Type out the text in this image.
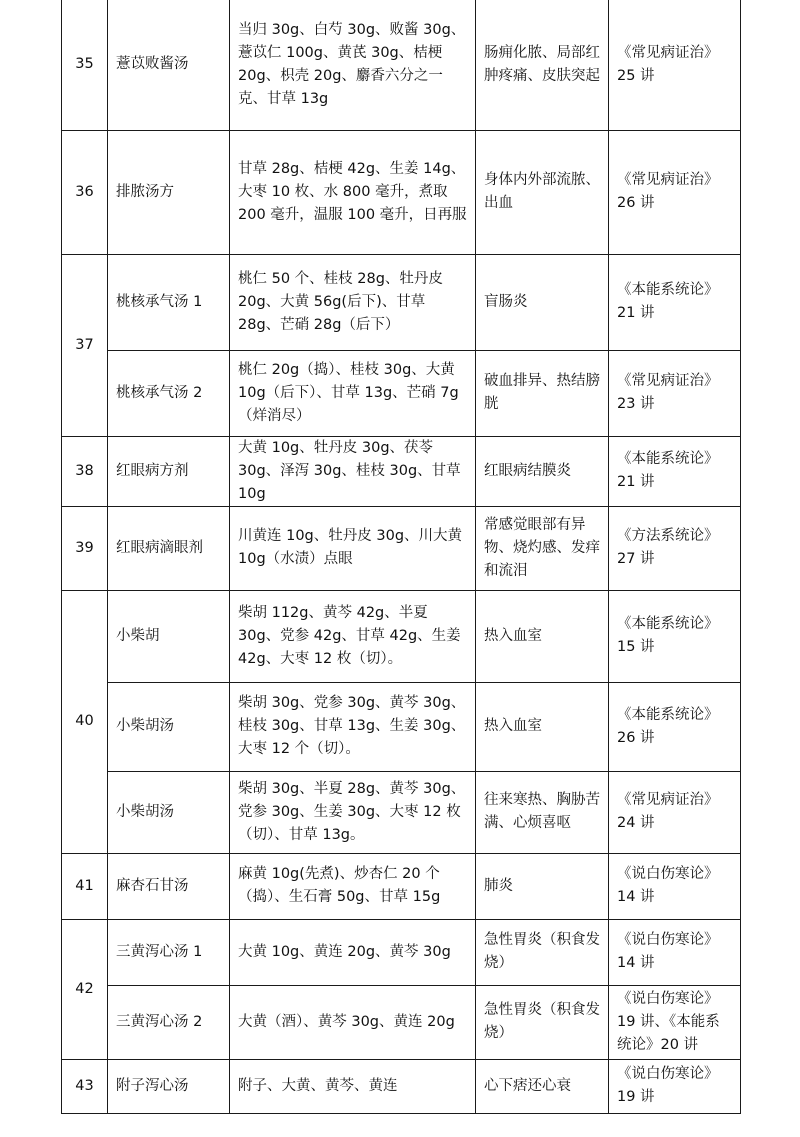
35	薏苡败酱汤	当归 30g、白芍 30g、败酱 30g、薏苡仁 100g、黄芪 30g、桔梗 20g、枳壳 20g、麝香六分之一克、甘草 13g	肠痈化脓、局部红肿疼痛、皮肤突起	《常见病证治》25 讲
36	排脓汤方	甘草 28g、桔梗 42g、生姜 14g、大枣 10 枚、水 800 毫升，煮取 200 毫升，温服 100 毫升，日再服	身体内外部流脓、出血	《常见病证治》26 讲
37	桃核承气汤 1	桃仁 50 个、桂枝 28g、牡丹皮 20g、大黄 56g(后下)、甘草 28g、芒硝 28g（后下）	盲肠炎	《本能系统论》21 讲
	桃核承气汤 2	桃仁 20g（捣）、桂枝 30g、大黄 10g（后下）、甘草 13g、芒硝 7g（烊消尽）	破血排异、热结膀胱	《常见病证治》23 讲
38	红眼病方剂	大黄 10g、牡丹皮 30g、茯苓 30g、泽泻 30g、桂枝 30g、甘草 10g	红眼病结膜炎	《本能系统论》21 讲
39	红眼病滴眼剂	川黄连 10g、牡丹皮 30g、川大黄 10g（水渍）点眼	常感觉眼部有异物、烧灼感、发痒和流泪	《方法系统论》27 讲
40	小柴胡	柴胡 112g、黄芩 42g、半夏 30g、党参 42g、甘草 42g、生姜 42g、大枣 12 枚（切）。	热入血室	《本能系统论》15 讲
	小柴胡汤	柴胡 30g、党参 30g、黄芩 30g、桂枝 30g、甘草 13g、生姜 30g、大枣 12 个（切）。	热入血室	《本能系统论》26 讲
	小柴胡汤	柴胡 30g、半夏 28g、黄芩 30g、党参 30g、生姜 30g、大枣 12 枚（切）、甘草 13g。	往来寒热、胸胁苦满、心烦喜呕	《常见病证治》24 讲
41	麻杏石甘汤	麻黄 10g(先煮)、炒杏仁 20 个（捣）、生石膏 50g、甘草 15g	肺炎	《说白伤寒论》14 讲
42	三黄泻心汤 1	大黄 10g、黄连 20g、黄芩 30g	急性胃炎（积食发烧）	《说白伤寒论》14 讲
	三黄泻心汤 2	大黄（酒）、黄芩 30g、黄连 20g	急性胃炎（积食发烧）	《说白伤寒论》19 讲、《本能系统论》20 讲
43	附子泻心汤	附子、大黄、黄芩、黄连	心下痞还心衰	《说白伤寒论》19 讲
